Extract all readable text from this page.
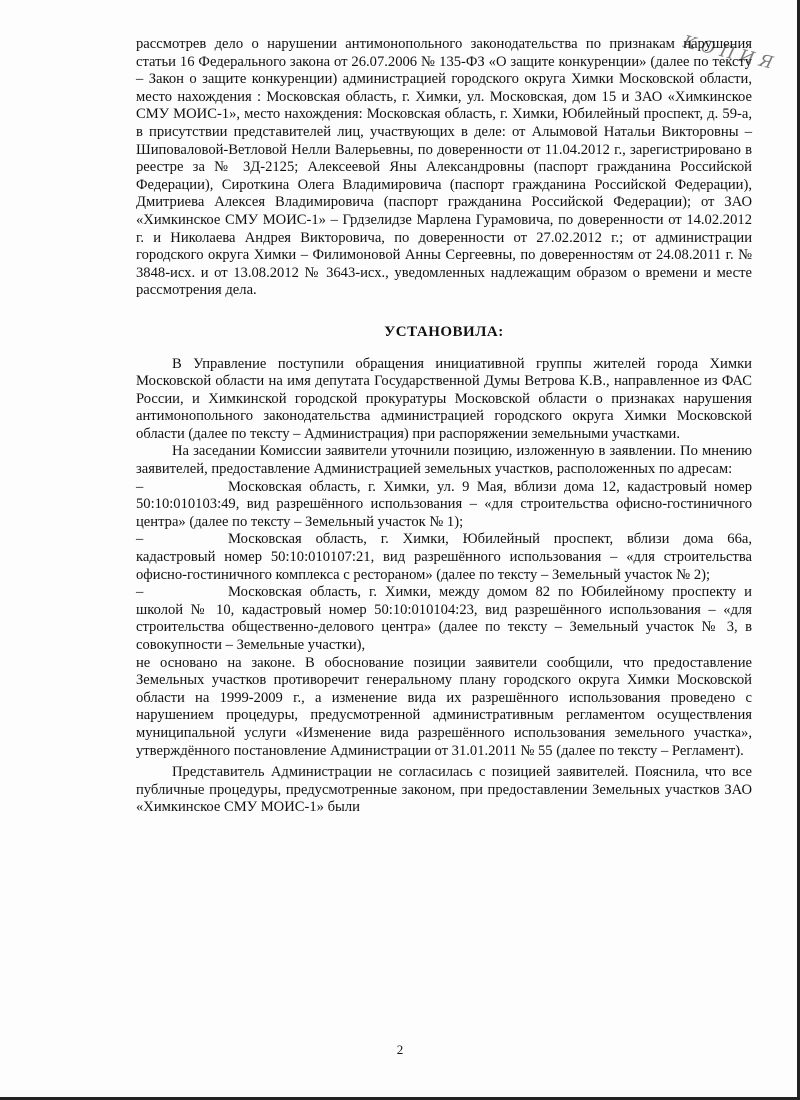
К О П И Я

рассмотрев дело о нарушении антимонопольного законодательства по признакам нарушения статьи 16 Федерального закона от 26.07.2006 № 135-ФЗ «О защите конкуренции» (далее по тексту – Закон о защите конкуренции) администрацией городского округа Химки Московской области, место нахождения : Московская область, г. Химки, ул. Московская, дом 15 и ЗАО «Химкинское СМУ МОИС-1», место нахождения: Московская область, г. Химки, Юбилейный проспект, д. 59-а, в присутствии представителей лиц, участвующих в деле: от Алымовой Натальи Викторовны – Шиповаловой-Ветловой Нелли Валерьевны, по доверенности от 11.04.2012 г., зарегистрировано в реестре за № 3Д-2125; Алексеевой Яны Александровны (паспорт гражданина Российской Федерации), Сироткина Олега Владимировича (паспорт гражданина Российской Федерации), Дмитриева Алексея Владимировича (паспорт гражданина Российской Федерации); от ЗАО «Химкинское СМУ МОИС-1» – Грдзелидзе Марлена Гурамовича, по доверенности от 14.02.2012 г. и Николаева Андрея Викторовича, по доверенности от 27.02.2012 г.; от администрации городского округа Химки – Филимоновой Анны Сергеевны, по доверенностям от 24.08.2011 г. № 3848-исх. и от 13.08.2012 № 3643-исх., уведомленных надлежащим образом о времени и месте рассмотрения дела.

УСТАНОВИЛА:

В Управление поступили обращения инициативной группы жителей города Химки Московской области на имя депутата Государственной Думы Ветрова К.В., направленное из ФАС России, и Химкинской городской прокуратуры Московской области о признаках нарушения антимонопольного законодательства администрацией городского округа Химки Московской области (далее по тексту – Администрация) при распоряжении земельными участками.

На заседании Комиссии заявители уточнили позицию, изложенную в заявлении. По мнению заявителей, предоставление Администрацией земельных участков, расположенных по адресам:

–	Московская область, г. Химки, ул. 9 Мая, вблизи дома 12, кадастровый номер 50:10:010103:49, вид разрешённого использования – «для строительства офисно-гостиничного центра» (далее по тексту – Земельный участок № 1);

–	Московская область, г. Химки, Юбилейный проспект, вблизи дома 66а, кадастровый номер 50:10:010107:21, вид разрешённого использования – «для строительства офисно-гостиничного комплекса с рестораном» (далее по тексту – Земельный участок № 2);

–	Московская область, г. Химки, между домом 82 по Юбилейному проспекту и школой № 10, кадастровый номер 50:10:010104:23, вид разрешённого использования – «для строительства общественно-делового центра» (далее по тексту – Земельный участок № 3, в совокупности – Земельные участки),

не основано на законе. В обоснование позиции заявители сообщили, что предоставление Земельных участков противоречит генеральному плану городского округа Химки Московской области на 1999-2009 г., а изменение вида их разрешённого использования проведено с нарушением процедуры, предусмотренной административным регламентом осуществления муниципальной услуги «Изменение вида разрешённого использования земельного участка», утверждённого постановление Администрации от 31.01.2011 № 55 (далее по тексту – Регламент).

Представитель Администрации не согласилась с позицией заявителей. Пояснила, что все публичные процедуры, предусмотренные законом, при предоставлении Земельных участков ЗАО «Химкинское СМУ МОИС-1» были

2
